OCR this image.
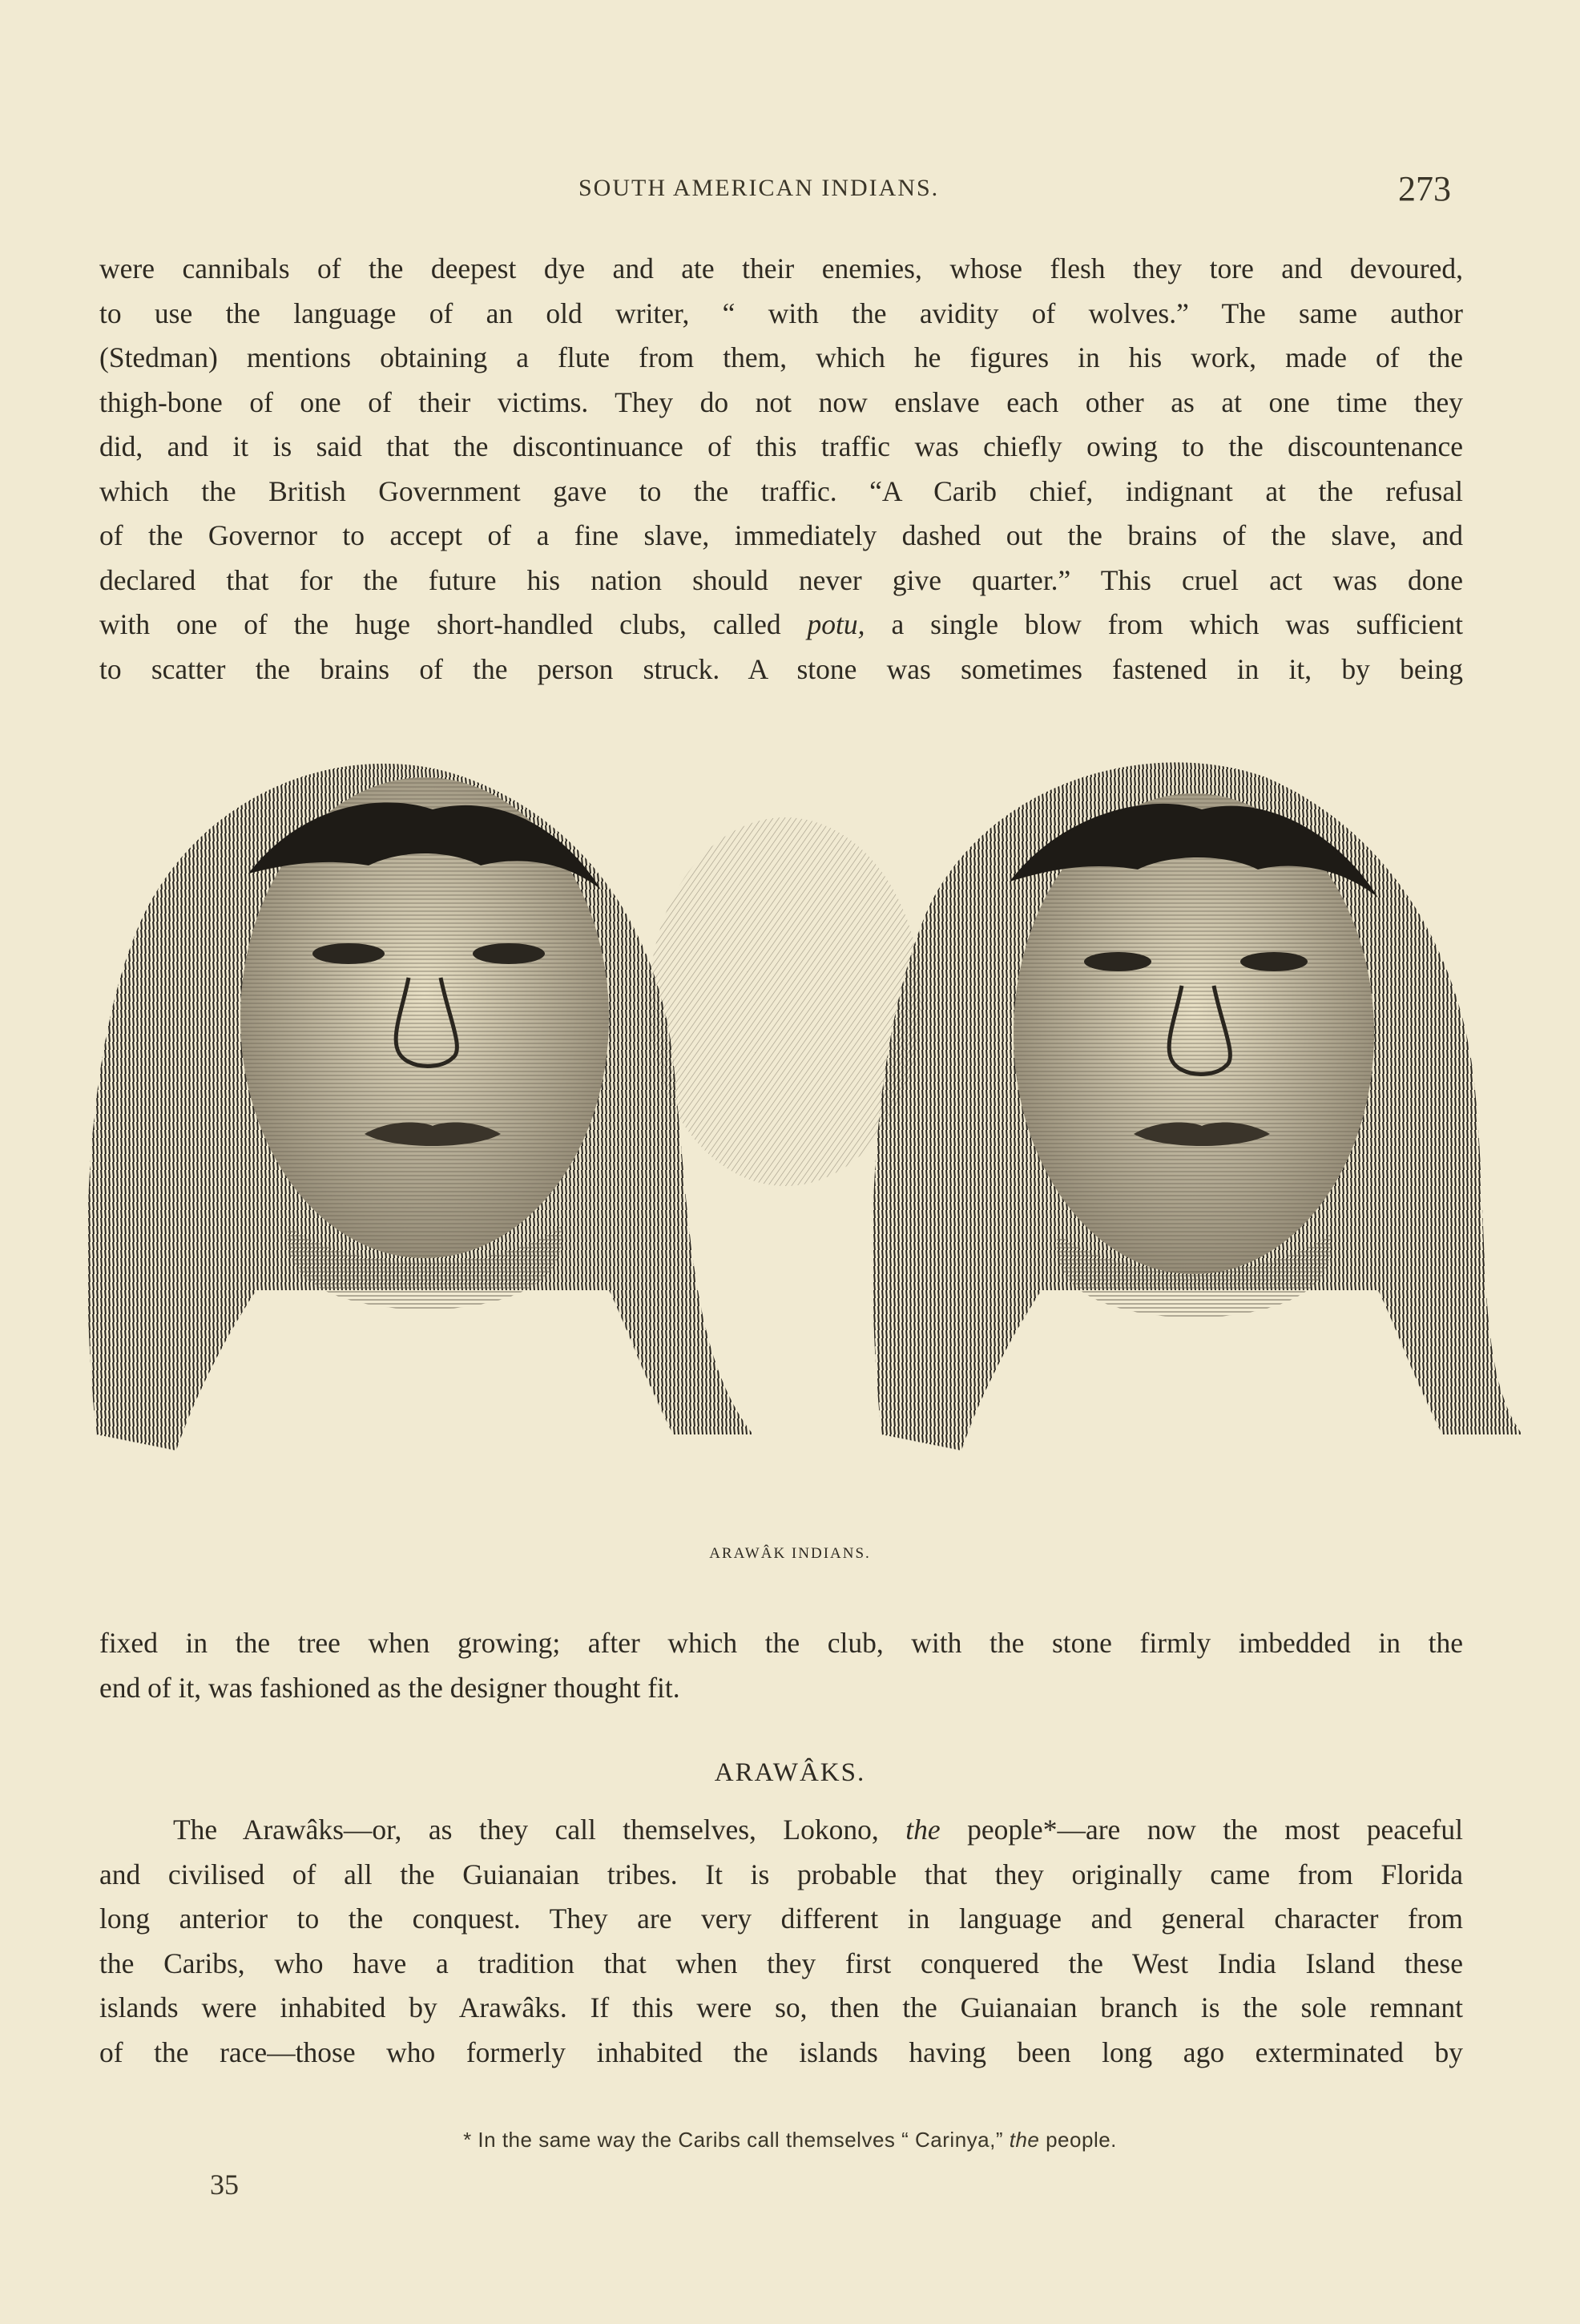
SOUTH AMERICAN INDIANS.	273
were cannibals of the deepest dye and ate their enemies, whose flesh they tore and devoured,
to use the language of an old writer, “ with the avidity of wolves.” The same author
(Stedman) mentions obtaining a flute from them, which he figures in his work, made of the
thigh-bone of one of their victims. They do not now enslave each other as at one time they
did, and it is said that the discontinuance of this traffic was chiefly owing to the discountenance
which the British Government gave to the traffic. “A Carib chief, indignant at the refusal
of the Governor to accept of a fine slave, immediately dashed out the brains of the slave, and
declared that for the future his nation should never give quarter.” This cruel act was done
with one of the huge short-handled clubs, called potu, a single blow from which was sufficient
to scatter the brains of the person struck. A stone was sometimes fastened in it, by being
ARAWÂK INDIANS.
fixed in the tree when growing; after which the club, with the stone firmly imbedded in the
end of it, was fashioned as the designer thought fit.
ARAWÂKS.
The Arawâks—or, as they call themselves, Lokono, the people*—are now the most peaceful
and civilised of all the Guianaian tribes. It is probable that they originally came from Florida
long anterior to the conquest. They are very different in language and general character from
the Caribs, who have a tradition that when they first conquered the West India Island these
islands were inhabited by Arawâks. If this were so, then the Guianaian branch is the sole remnant
of the race—those who formerly inhabited the islands having been long ago exterminated by
* In the same way the Caribs call themselves “ Carinya,” the people.
35
